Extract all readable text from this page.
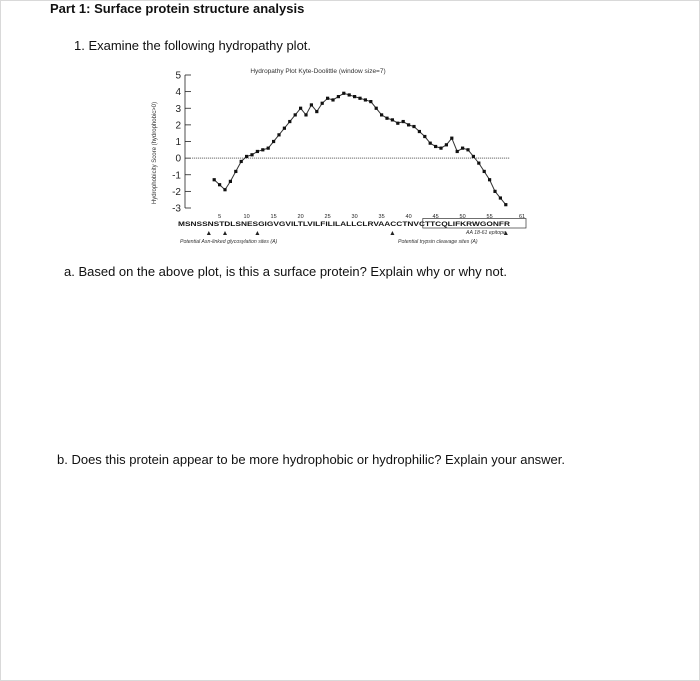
Part 1: Surface protein structure analysis
1. Examine the following hydropathy plot.
Hydropathy Plot Kyte-Doolittle (window size=7)
Hydrophobicity Score (hydrophobic>0)
5
4
3
2
1
0
-1
-2
-3
5	10	15	20	25	30	35	40	45	50	55	61
MSNSSNSTDLSNESGIGVGVILTLVILFILILALLCLRVAACCTNVCTTCQLIFKRWGONFR
Potential Asn-linked glycosylation sites (A)	Potential trypsin cleavage sites (A)
AA 18-61 epitope
a. Based on the above plot, is this a surface protein? Explain why or why not.
b. Does this protein appear to be more hydrophobic or hydrophilic? Explain your answer.
